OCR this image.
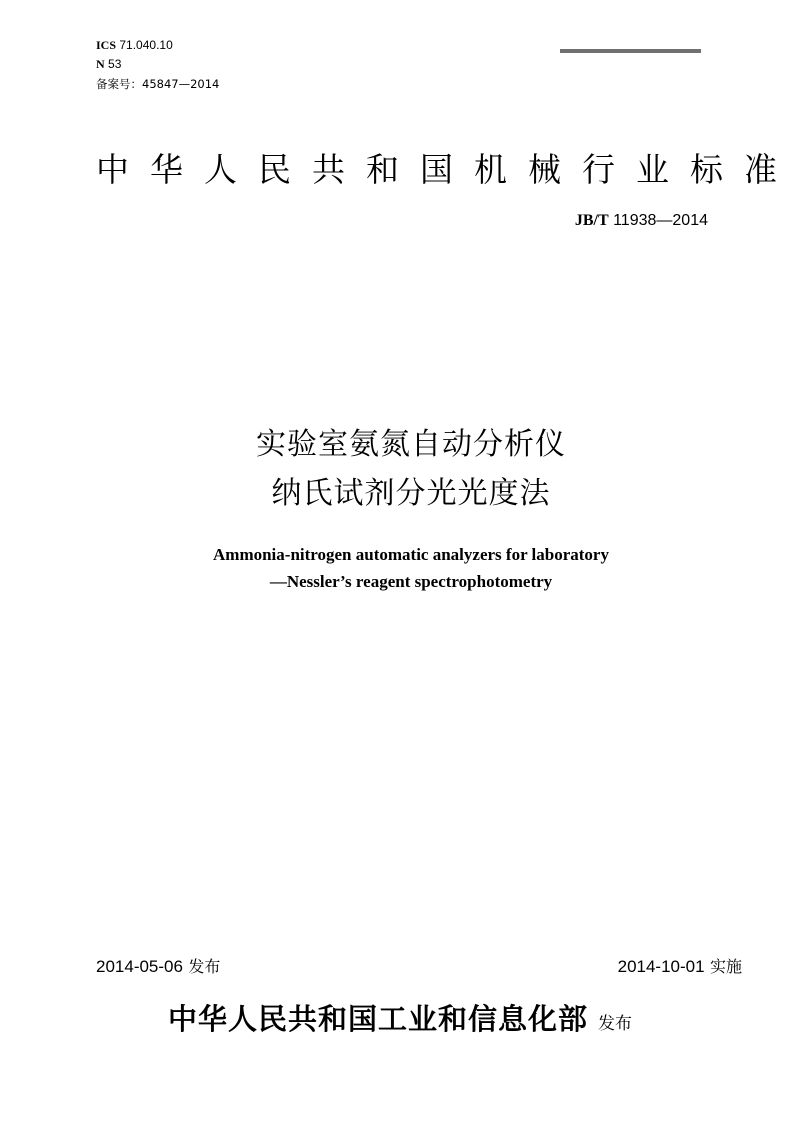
ICS 71.040.10
N 53
备案号：45847—2014
中华人民共和国机械行业标准
JB/T 11938—2014
实验室氨氮自动分析仪
纳氏试剂分光光度法
Ammonia-nitrogen automatic analyzers for laboratory
—Nessler’s reagent spectrophotometry
2014-05-06 发布	2014-10-01 实施
中华人民共和国工业和信息化部 发布
